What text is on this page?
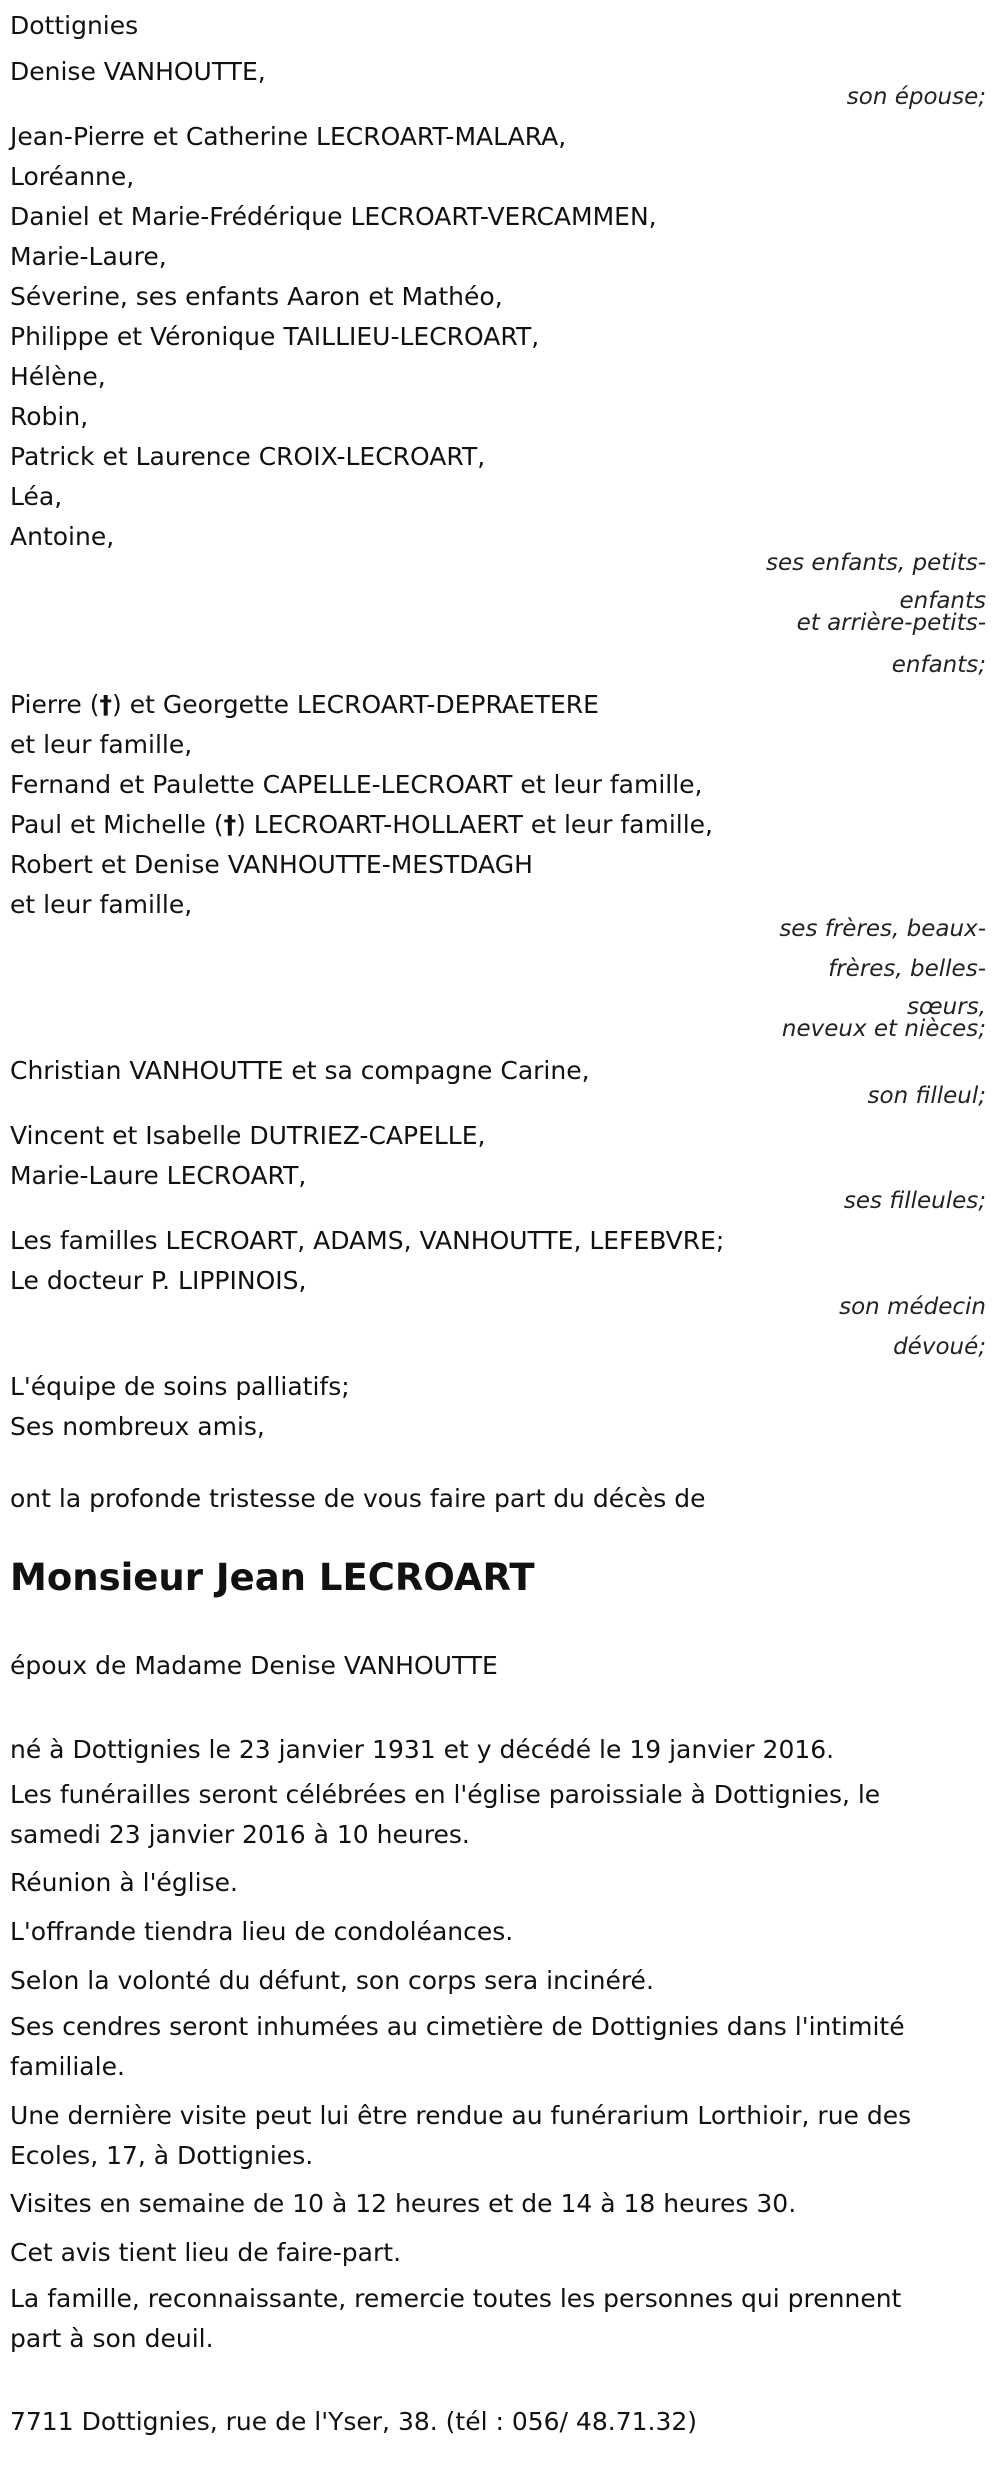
Dottignies

Denise VANHOUTTE,

son épouse;

Jean-Pierre et Catherine LECROART-MALARA,

Loréanne,

Daniel et Marie-Frédérique LECROART-VERCAMMEN,

Marie-Laure,

Séverine, ses enfants Aaron et Mathéo,

Philippe et Véronique TAILLIEU-LECROART,

Hélène,

Robin,

Patrick et Laurence CROIX-LECROART,

Léa,

Antoine,

ses enfants, petits-

enfants

et arrière-petits-

enfants;

Pierre (†) et Georgette LECROART-DEPRAETERE

et leur famille,

Fernand et Paulette CAPELLE-LECROART et leur famille,

Paul et Michelle (†) LECROART-HOLLAERT et leur famille,

Robert et Denise VANHOUTTE-MESTDAGH

et leur famille,

ses frères, beaux-

frères, belles-

sœurs,

neveux et nièces;

Christian VANHOUTTE et sa compagne Carine,

son filleul;

Vincent et Isabelle DUTRIEZ-CAPELLE,

Marie-Laure LECROART,

ses filleules;

Les familles LECROART, ADAMS, VANHOUTTE, LEFEBVRE;

Le docteur P. LIPPINOIS,

son médecin

dévoué;

L'équipe de soins palliatifs;

Ses nombreux amis,

ont la profonde tristesse de vous faire part du décès de

Monsieur Jean LECROART

époux de Madame Denise VANHOUTTE

né à Dottignies le 23 janvier 1931 et y décédé le 19 janvier 2016.

Les funérailles seront célébrées en l'église paroissiale à Dottignies, le

samedi 23 janvier 2016 à 10 heures.

Réunion à l'église.

L'offrande tiendra lieu de condoléances.

Selon la volonté du défunt, son corps sera incinéré.

Ses cendres seront inhumées au cimetière de Dottignies dans l'intimité

familiale.

Une dernière visite peut lui être rendue au funérarium Lorthioir, rue des

Ecoles, 17, à Dottignies.

Visites en semaine de 10 à 12 heures et de 14 à 18 heures 30.

Cet avis tient lieu de faire-part.

La famille, reconnaissante, remercie toutes les personnes qui prennent

part à son deuil.

7711 Dottignies, rue de l'Yser, 38. (tél : 056/ 48.71.32)
